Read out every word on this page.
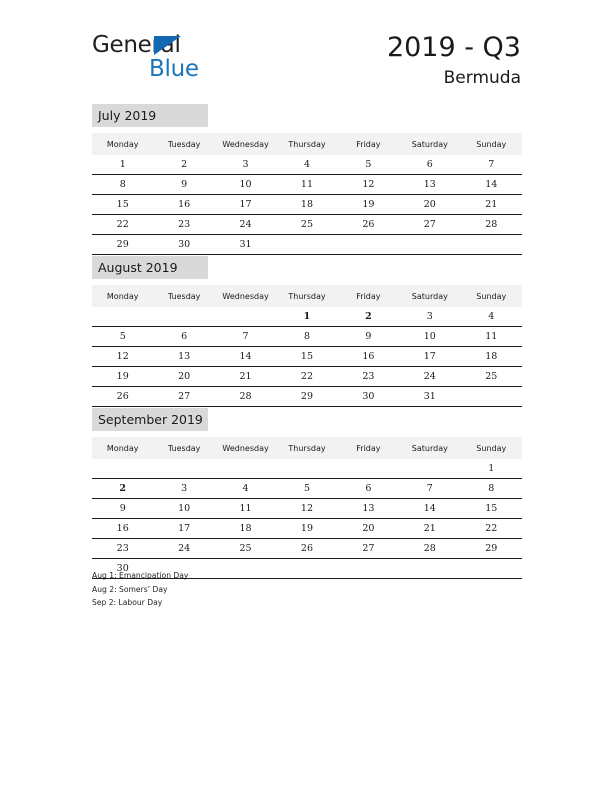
General
Blue
2019 - Q3
Bermuda
July 2019
Monday	Tuesday	Wednesday	Thursday	Friday	Saturday	Sunday
1	2	3	4	5	6	7
8	9	10	11	12	13	14
15	16	17	18	19	20	21
22	23	24	25	26	27	28
29	30	31				
August 2019
Monday	Tuesday	Wednesday	Thursday	Friday	Saturday	Sunday
			1	2	3	4
5	6	7	8	9	10	11
12	13	14	15	16	17	18
19	20	21	22	23	24	25
26	27	28	29	30	31	
September 2019
Monday	Tuesday	Wednesday	Thursday	Friday	Saturday	Sunday
						1
2	3	4	5	6	7	8
9	10	11	12	13	14	15
16	17	18	19	20	21	22
23	24	25	26	27	28	29
30						
Aug 1: Emancipation Day
Aug 2: Somers’ Day
Sep 2: Labour Day
